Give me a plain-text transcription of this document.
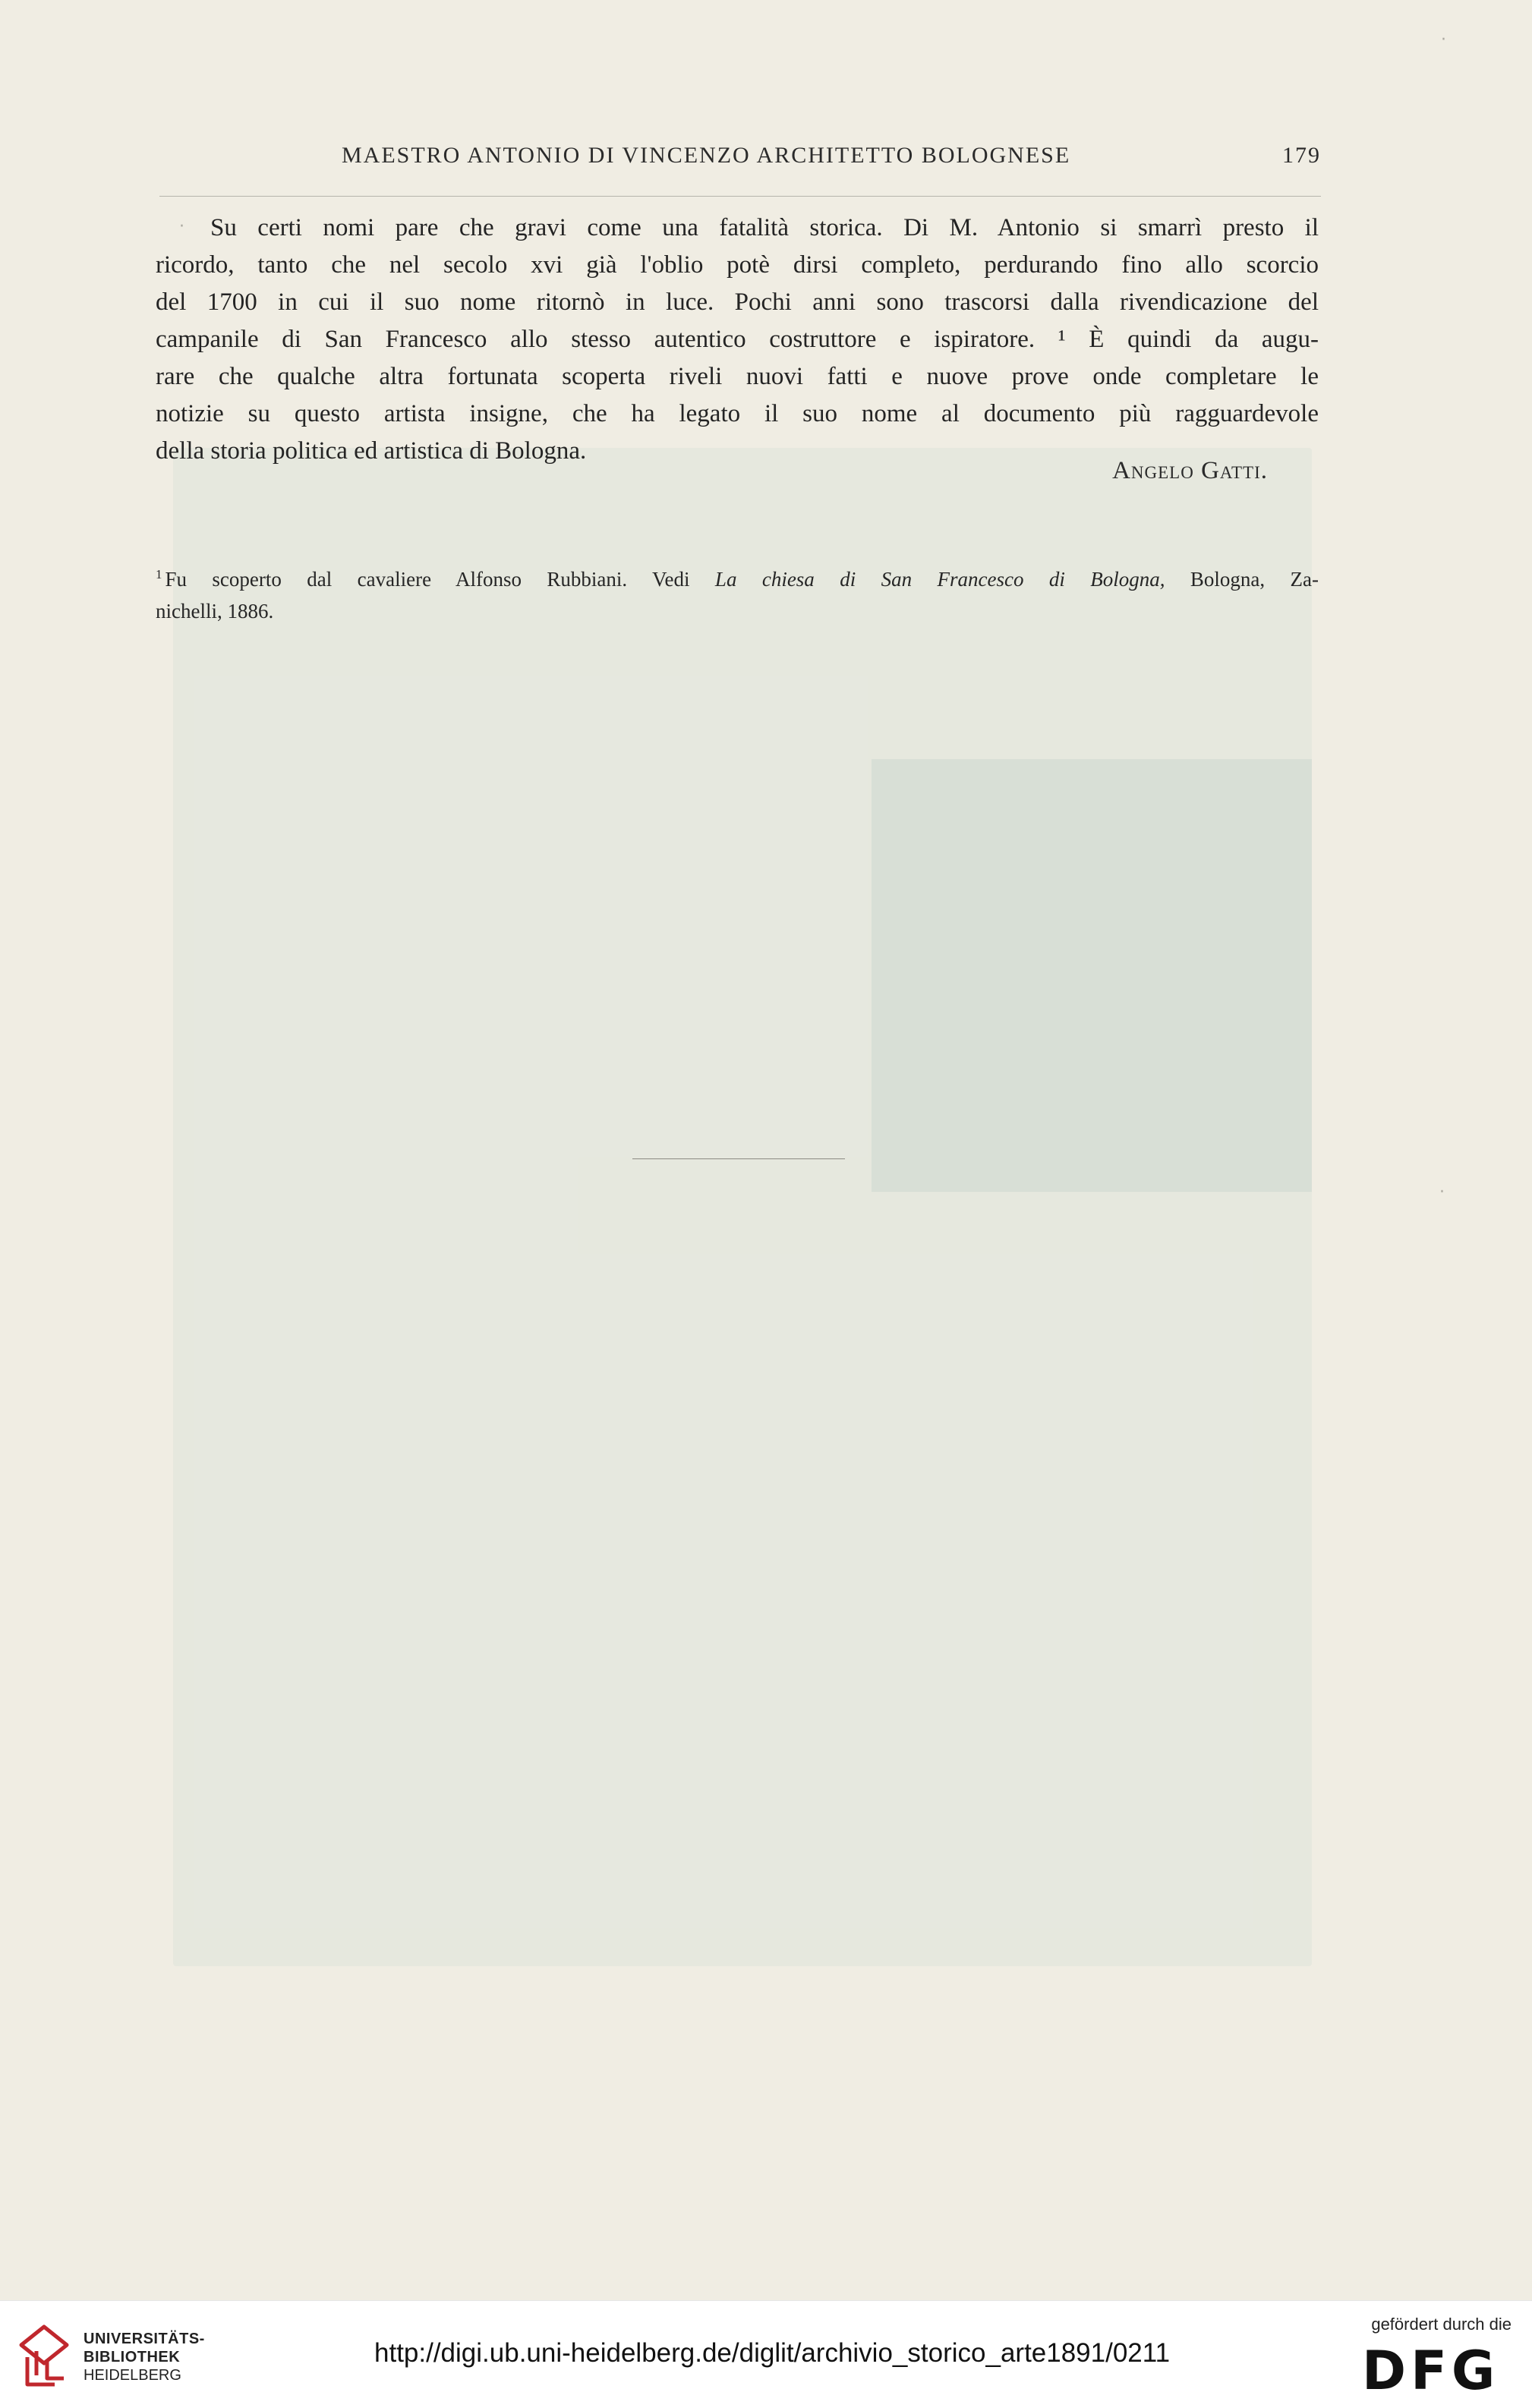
·
·
·
MAESTRO ANTONIO DI VINCENZO ARCHITETTO BOLOGNESE	179
Su certi nomi pare che gravi come una fatalità storica. Di M. Antonio si smarrì presto il
ricordo, tanto che nel secolo xvi già l'oblio potè dirsi completo, perdurando fino allo scorcio
del 1700 in cui il suo nome ritornò in luce. Pochi anni sono trascorsi dalla rivendicazione del
campanile di San Francesco allo stesso autentico costruttore e ispiratore. ¹ È quindi da augu-
rare che qualche altra fortunata scoperta riveli nuovi fatti e nuove prove onde completare le
notizie su questo artista insigne, che ha legato il suo nome al documento più ragguardevole
della storia politica ed artistica di Bologna.
Angelo Gatti.
$^1$ Fu scoperto dal cavaliere Alfonso Rubbiani. Vedi La chiesa di San Francesco di Bologna, Bologna, Za-
nichelli, 1886.
UNIVERSITÄTS-
BIBLIOTHEK
HEIDELBERG
http://digi.ub.uni-heidelberg.de/diglit/archivio_storico_arte1891/0211
gefördert durch die
DFG
